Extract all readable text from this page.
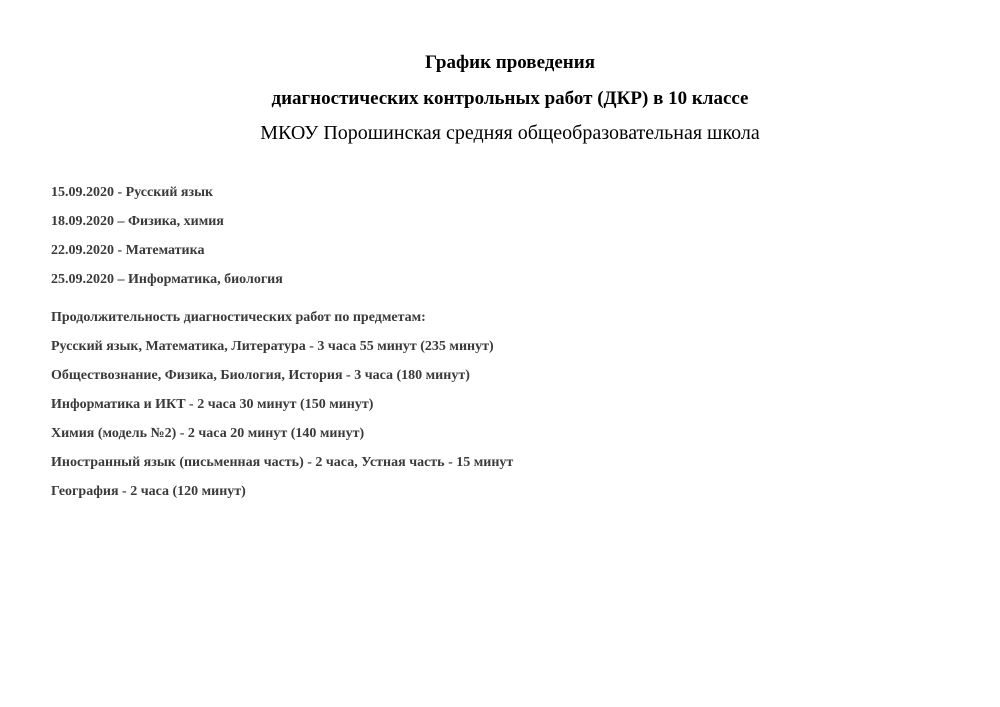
График проведения
диагностических контрольных работ (ДКР) в 10 классе
МКОУ Порошинская средняя общеобразовательная школа
15.09.2020 - Русский язык
18.09.2020 – Физика, химия
22.09.2020 - Математика
25.09.2020 – Информатика, биология
Продолжительность диагностических работ по предметам:
Русский язык, Математика, Литература - 3 часа 55 минут (235 минут)
Обществознание, Физика, Биология, История - 3 часа (180 минут)
Информатика и ИКТ - 2 часа 30 минут (150 минут)
Химия (модель №2) - 2 часа 20 минут (140 минут)
Иностранный язык (письменная часть) - 2 часа, Устная часть - 15 минут
География - 2 часа (120 минут)
